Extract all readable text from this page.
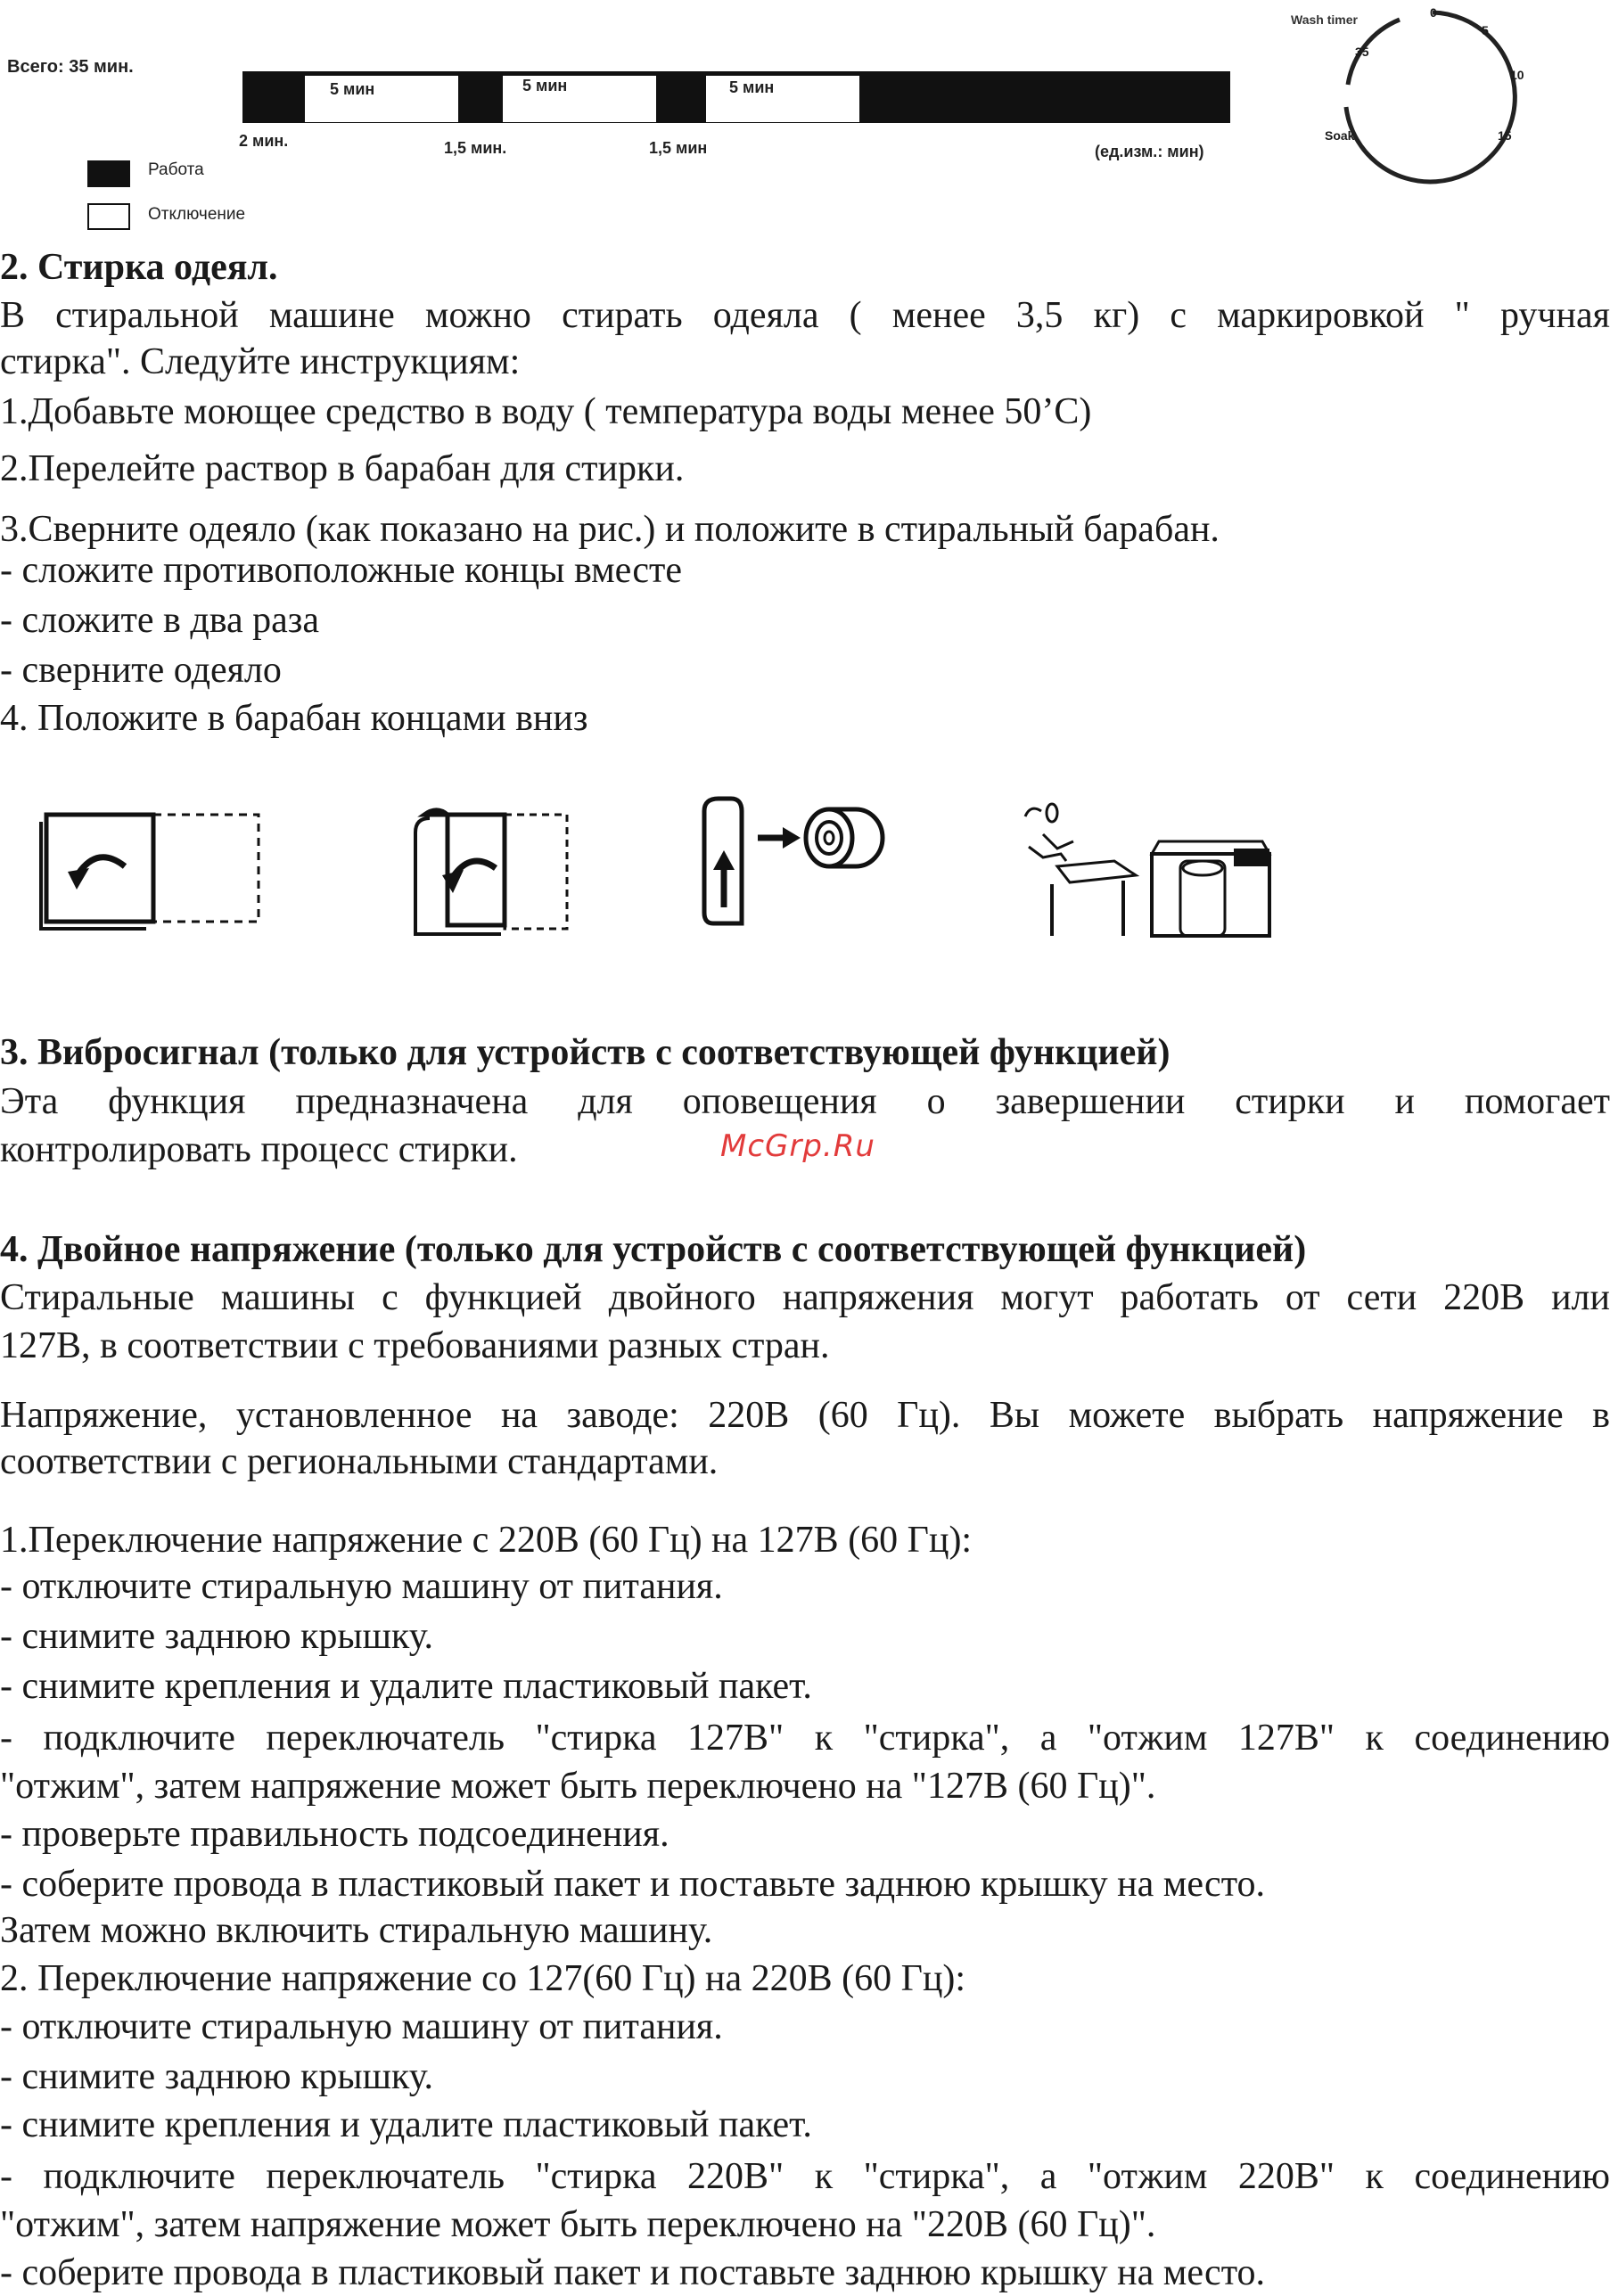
Всего: 35 мин.
5 мин	5 мин	5 мин
2 мин.	1,5 мин.	1,5 мин	(ед.изм.: мин)
Работа
Отключение
Wash timer	0
5
10
15
35
Soak
2. Стирка одеял.
В стиральной машине можно стирать одеяла ( менее 3,5 кг) с маркировкой " ручная
стирка". Следуйте инструкциям:
1.Добавьте моющее средство в воду ( температура воды менее 50’С)
2.Перелейте раствор в барабан для стирки.
3.Сверните одеяло (как показано на рис.) и положите в стиральный барабан.
- сложите противоположные концы вместе
- сложите в два раза
- сверните одеяло
4. Положите в барабан концами вниз
3. Вибросигнал (только для устройств с соответствующей функцией)
Эта функция предназначена для оповещения о завершении стирки и помогает
контролировать процесс стирки.	McGrp.Ru
4. Двойное напряжение (только для устройств с соответствующей функцией)
Стиральные машины с функцией двойного напряжения могут работать от сети 220В или
127В, в соответствии с требованиями разных стран.
Напряжение, установленное на заводе: 220В (60 Гц). Вы можете выбрать напряжение в
соответствии с региональными стандартами.
1.Переключение напряжение с 220В (60 Гц) на 127В (60 Гц):
- отключите стиральную машину от питания.
- снимите заднюю крышку.
- снимите крепления и удалите пластиковый пакет.
- подключите переключатель "стирка 127В" к "стирка", а "отжим 127В" к соединению
"отжим", затем напряжение может быть переключено на "127В (60 Гц)".
- проверьте правильность подсоединения.
- соберите провода в пластиковый пакет и поставьте заднюю крышку на место.
Затем можно включить стиральную машину.
2. Переключение напряжение со 127(60 Гц) на 220В (60 Гц):
- отключите стиральную машину от питания.
- снимите заднюю крышку.
- снимите крепления и удалите пластиковый пакет.
- подключите переключатель "стирка 220В" к "стирка", а "отжим 220В" к соединению
"отжим", затем напряжение может быть переключено на "220В (60 Гц)".
- соберите провода в пластиковый пакет и поставьте заднюю крышку на место.
